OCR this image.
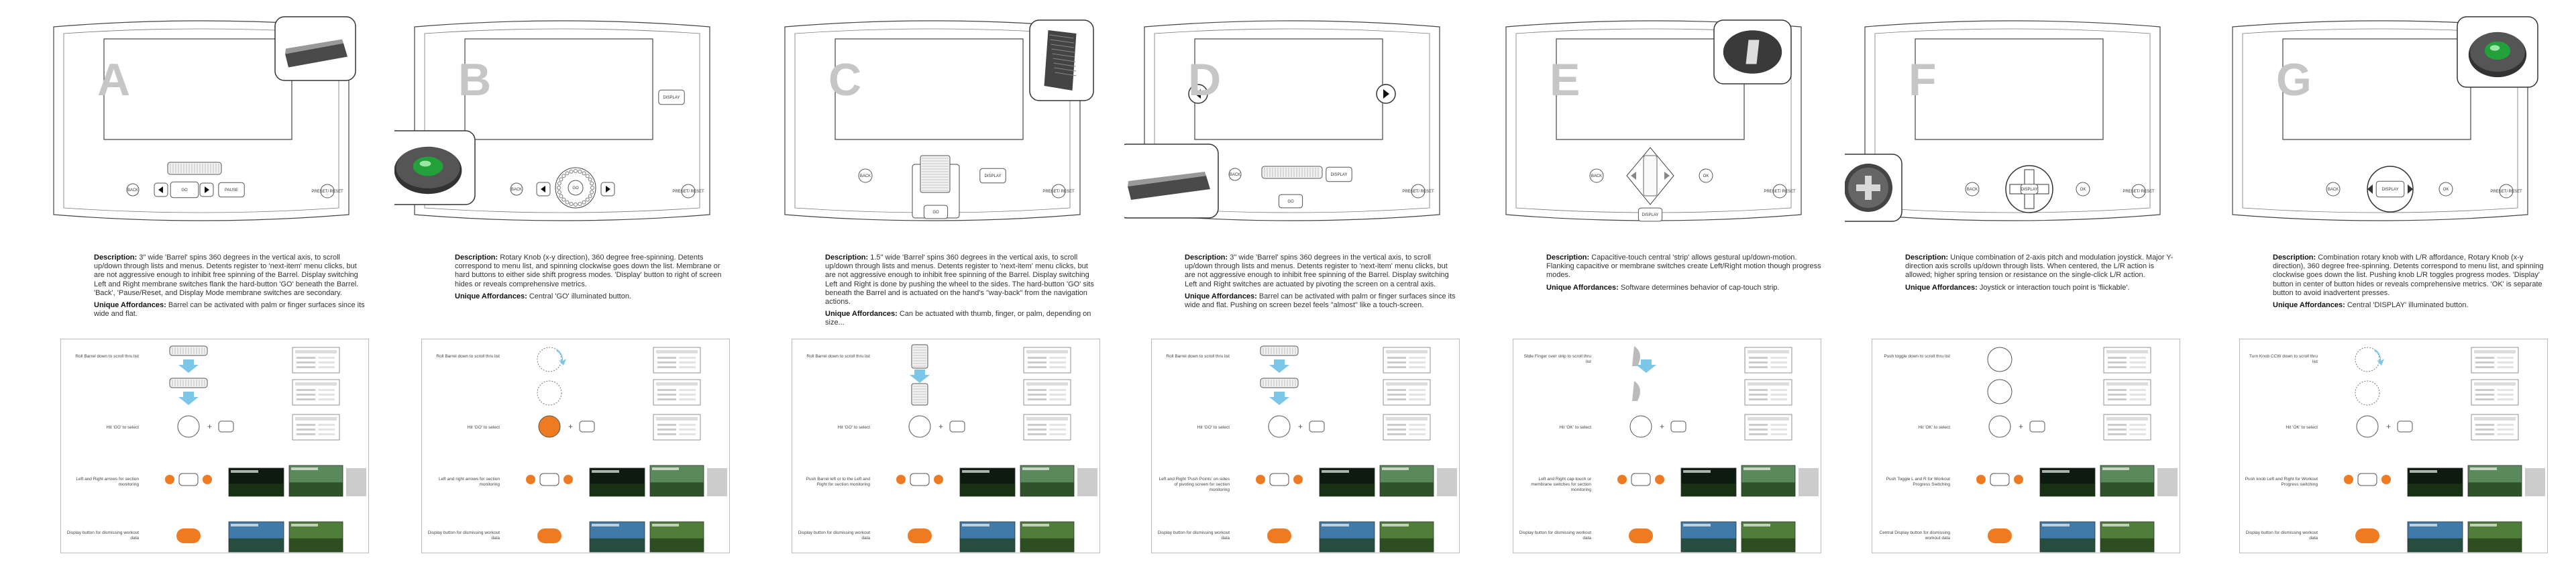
PRESET/ RESET
GO
BACK	PAUSE
A
Description: 3" wide 'Barrel' spins 360 degrees in the vertical axis, to scroll up/down through lists and menus. Detents register to 'next-item' menu clicks, but are not aggressive enough to inhibit free spinning of the Barrel. Display switching Left and Right membrane switches flank the hard-button 'GO' beneath the Barrel. 'Back', 'Pause/Reset, and Display Mode membrane switches are secondary.
Unique Affordances: Barrel can be activated with palm or finger surfaces since its wide and flat.
+
Roll Barrel down to scroll thru list
Hit 'GO' to select
Left and Right arrows for section monitoring
Display button for dismissing workout data
PRESET/ RESET
DISPLAY
GO
BACK
B
Description: Rotary Knob (x-y direction), 360 degree free-spinning. Detents correspond to menu list, and spinning clockwise goes down the list. Membrane or hard buttons to either side shift progress modes. 'Display' button to right of screen hides or reveals comprehensive metrics.
Unique Affordances: Central 'GO' illuminated button.
+
Roll Barrel down to scroll thru list
Hit 'GO' to select
Left and right arrows for section monitoring
Display button for dismissing workout data
PRESET/ RESET
BACK	DISPLAY
GO
C
Description: 1.5" wide 'Barrel' spins 360 degrees in the vertical axis, to scroll up/down through lists and menus. Detents register to 'next-item' menu clicks, but are not aggressive enough to inhibit free spinning of the Barrel. Display switching Left and Right is done by pushing the wheel to the sides. The hard-button 'GO' sits beneath the Barrel and is actuated on the hand's "way-back" from the navigation actions.
Unique Affordances: Can be actuated with thumb, finger, or palm, depending on size...
+
Roll Barrel down to scroll thru list
Hit 'GO' to select
Push Barrel left or to the Left and Right for section monitoring
Display button for dismissing workout data
PRESET/ RESET
BACK	DISPLAY
GO
D
Description: 3" wide 'Barrel' spins 360 degrees in the vertical axis, to scroll up/down through lists and menus. Detents register to 'next-item' menu clicks, but are not aggressive enough to inhibit free spinning of the Barrel. Display switching Left and Right switches are actuated by pivoting the screen on a central axis.
Unique Affordances: Barrel can be activated with palm or finger surfaces since its wide and flat. Pushing on screen bezel feels "almost" like a touch-screen.
+
Roll Barrel down to scroll thru list
Hit 'GO' to select
Left and Right 'Push Points' on sides of pivoting screen for section monitoring
Display button for dismissing workout data
PRESET/ RESET
BACK	OK
DISPLAY
E
Description: Capacitive-touch central 'strip' allows gestural up/down-motion. Flanking capacitive or membrane switches create Left/Right motion though progress modes.
Unique Affordances: Software determines behavior of cap-touch strip.
+
Slide Finger over strip to scroll thru list
Hit 'OK' to select
Left and Right cap-touch or membrane switches for section monitoring
Display button for dismissing workout data
PRESET/ RESET
BACK	OK
DISPLAY
F
Description: Unique combination of 2-axis pitch and modulation joystick. Major Y-direction axis scrolls up/down through lists. When centered, the L/R action is allowed; higher spring tension or resistance on the single-click L/R action.
Unique Affordances: Joystick or interaction touch point is 'flickable'.
+
Push toggle down to scroll thru list
Hit 'OK' to select
Push Toggle L and R for Workout Progress Switching
Central Display button for dismissing workout data
PRESET/ RESET
BACK	OK
DISPLAY
G
Description: Combination rotary knob with L/R affordance, Rotary Knob (x-y direction), 360 degree free-spinning. Detents correspond to menu list, and spinning clockwise goes down the list. Pushing knob L/R toggles progress modes. 'Display' button in center of button hides or reveals comprehensive metrics. 'OK' is separate button to avoid inadvertent presses.
Unique Affordances: Central 'DISPLAY' illuminated button.
+
Turn Knob CCW down to scroll thru list
Hit 'OK' to select
Push knob Left and Right for Workout Progress switching
Display button for dismissing workout data
